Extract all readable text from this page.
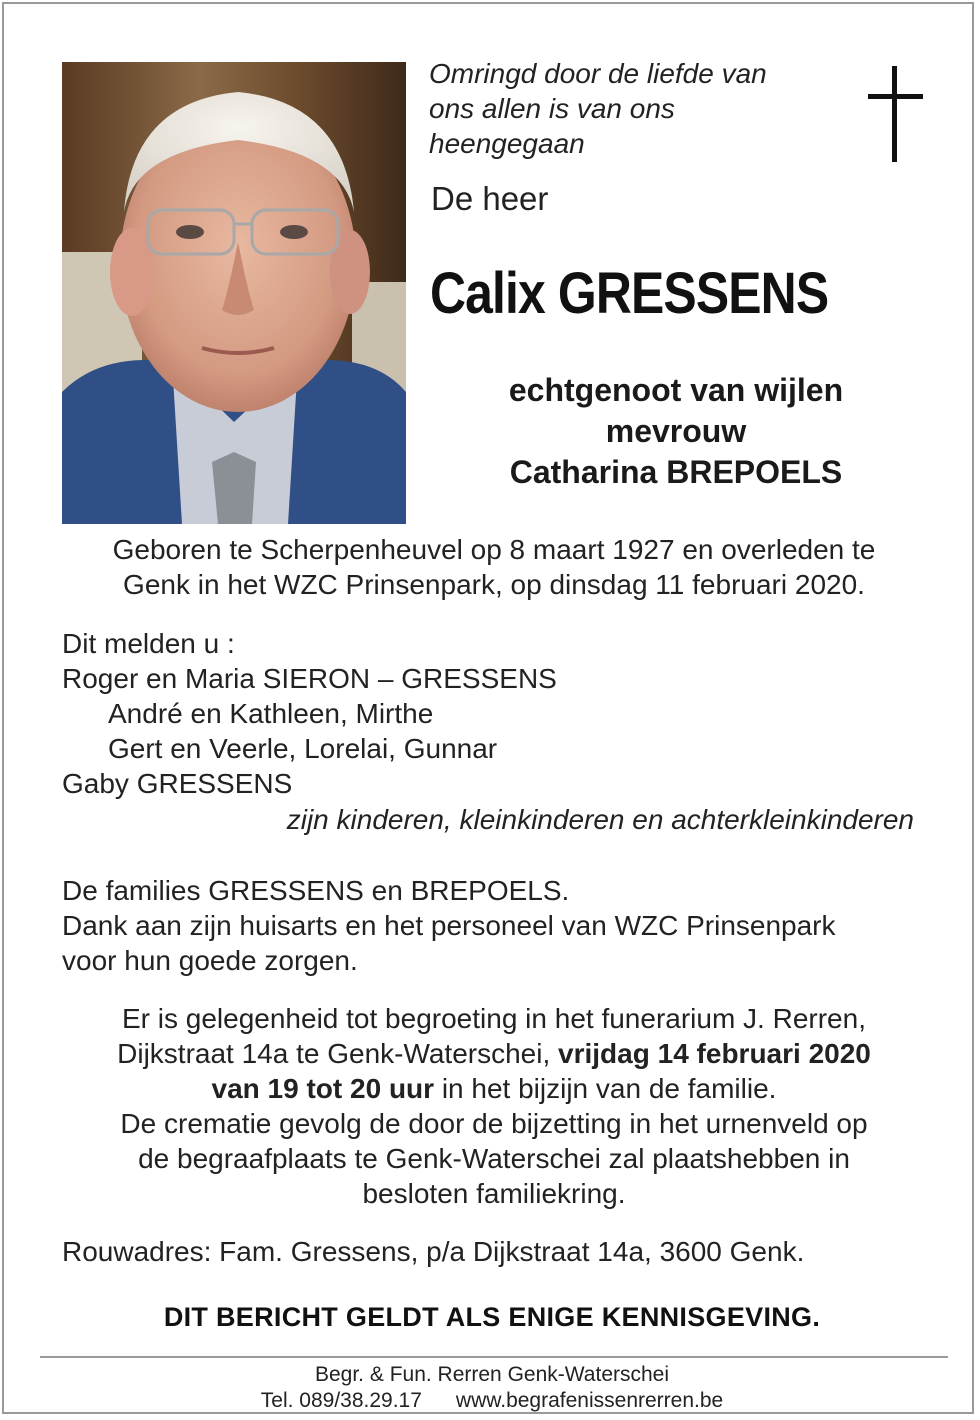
Omringd door de liefde van
ons allen is van ons
heengegaan
De heer
Calix GRESSENS
echtgenoot van wijlen
mevrouw
Catharina BREPOELS
Geboren te Scherpenheuvel op 8 maart 1927 en overleden te
Genk in het WZC Prinsenpark, op dinsdag 11 februari 2020.
Dit melden u :
Roger en Maria SIERON – GRESSENS
André en Kathleen, Mirthe
Gert en Veerle, Lorelai, Gunnar
Gaby GRESSENS
zijn kinderen, kleinkinderen en achterkleinkinderen
De families GRESSENS en BREPOELS.
Dank aan zijn huisarts en het personeel van WZC Prinsenpark
voor hun goede zorgen.
Er is gelegenheid tot begroeting in het funerarium J. Rerren,
Dijkstraat 14a te Genk-Waterschei, vrijdag 14 februari 2020
van 19 tot 20 uur in het bijzijn van de familie.
De crematie gevolg de door de bijzetting in het urnenveld op
de begraafplaats te Genk-Waterschei zal plaatshebben in
besloten familiekring.
Rouwadres: Fam. Gressens, p/a Dijkstraat 14a, 3600 Genk.
DIT BERICHT GELDT ALS ENIGE KENNISGEVING.
Begr. & Fun. Rerren Genk-Waterschei
Tel. 089/38.29.17 www.begrafenissenrerren.be
